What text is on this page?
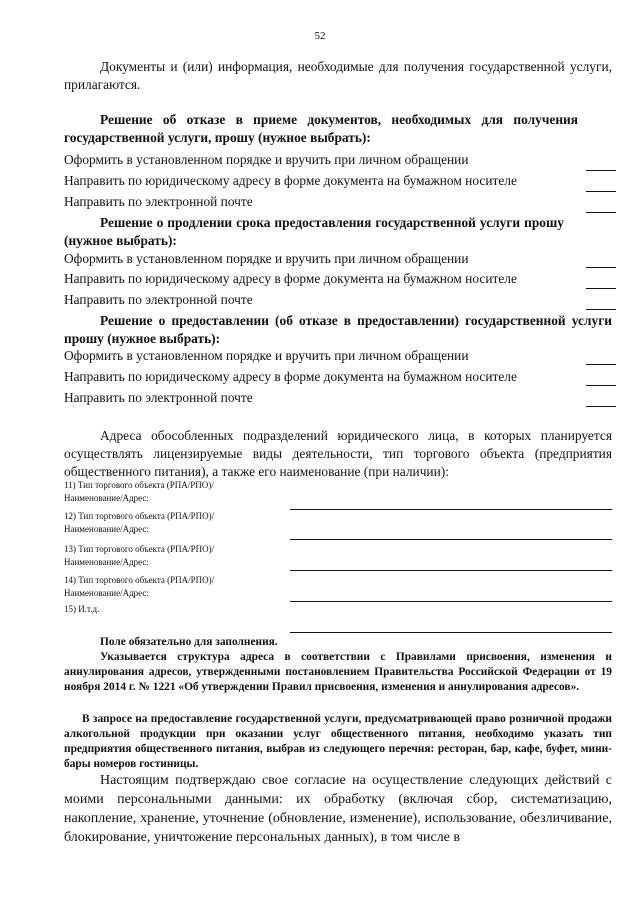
52
Документы и (или) информация, необходимые для получения государственной услуги, прилагаются.
Решение об отказе в приеме документов, необходимых для получения государственной услуги, прошу (нужное выбрать):
Оформить в установленном порядке и вручить при личном обращении
Направить по юридическому адресу в форме документа на бумажном носителе
Направить по электронной почте
Решение о продлении срока предоставления государственной услуги прошу (нужное выбрать):
Оформить в установленном порядке и вручить при личном обращении
Направить по юридическому адресу в форме документа на бумажном носителе
Направить по электронной почте
Решение о предоставлении (об отказе в предоставлении) государственной услуги прошу (нужное выбрать):
Оформить в установленном порядке и вручить при личном обращении
Направить по юридическому адресу в форме документа на бумажном носителе
Направить по электронной почте
Адреса обособленных подразделений юридического лица, в которых планируется осуществлять лицензируемые виды деятельности, тип торгового объекта (предприятия общественного питания), а также его наименование (при наличии):
11) Тип торгового объекта (РПА/РПО)/
Наименование/Адрес:
12) Тип торгового объекта (РПА/РПО)/
Наименование/Адрес:
13) Тип торгового объекта (РПА/РПО)/
Наименование/Адрес:
14) Тип торгового объекта (РПА/РПО)/
Наименование/Адрес:
15) И.т.д.
Поле обязательно для заполнения.
Указывается структура адреса в соответствии с Правилами присвоения, изменения и аннулирования адресов, утвержденными постановлением Правительства Российской Федерации от 19 ноября 2014 г. № 1221 «Об утверждении Правил присвоения, изменения и аннулирования адресов».
В запросе на предоставление государственной услуги, предусматривающей право розничной продажи алкогольной продукции при оказании услуг общественного питания, необходимо указать тип предприятия общественного питания, выбрав из следующего перечня: ресторан, бар, кафе, буфет, мини-бары номеров гостиницы.
Настоящим подтверждаю свое согласие на осуществление следующих действий с моими персональными данными: их обработку (включая сбор, систематизацию, накопление, хранение, уточнение (обновление, изменение), использование, обезличивание, блокирование, уничтожение персональных данных), в том числе в
